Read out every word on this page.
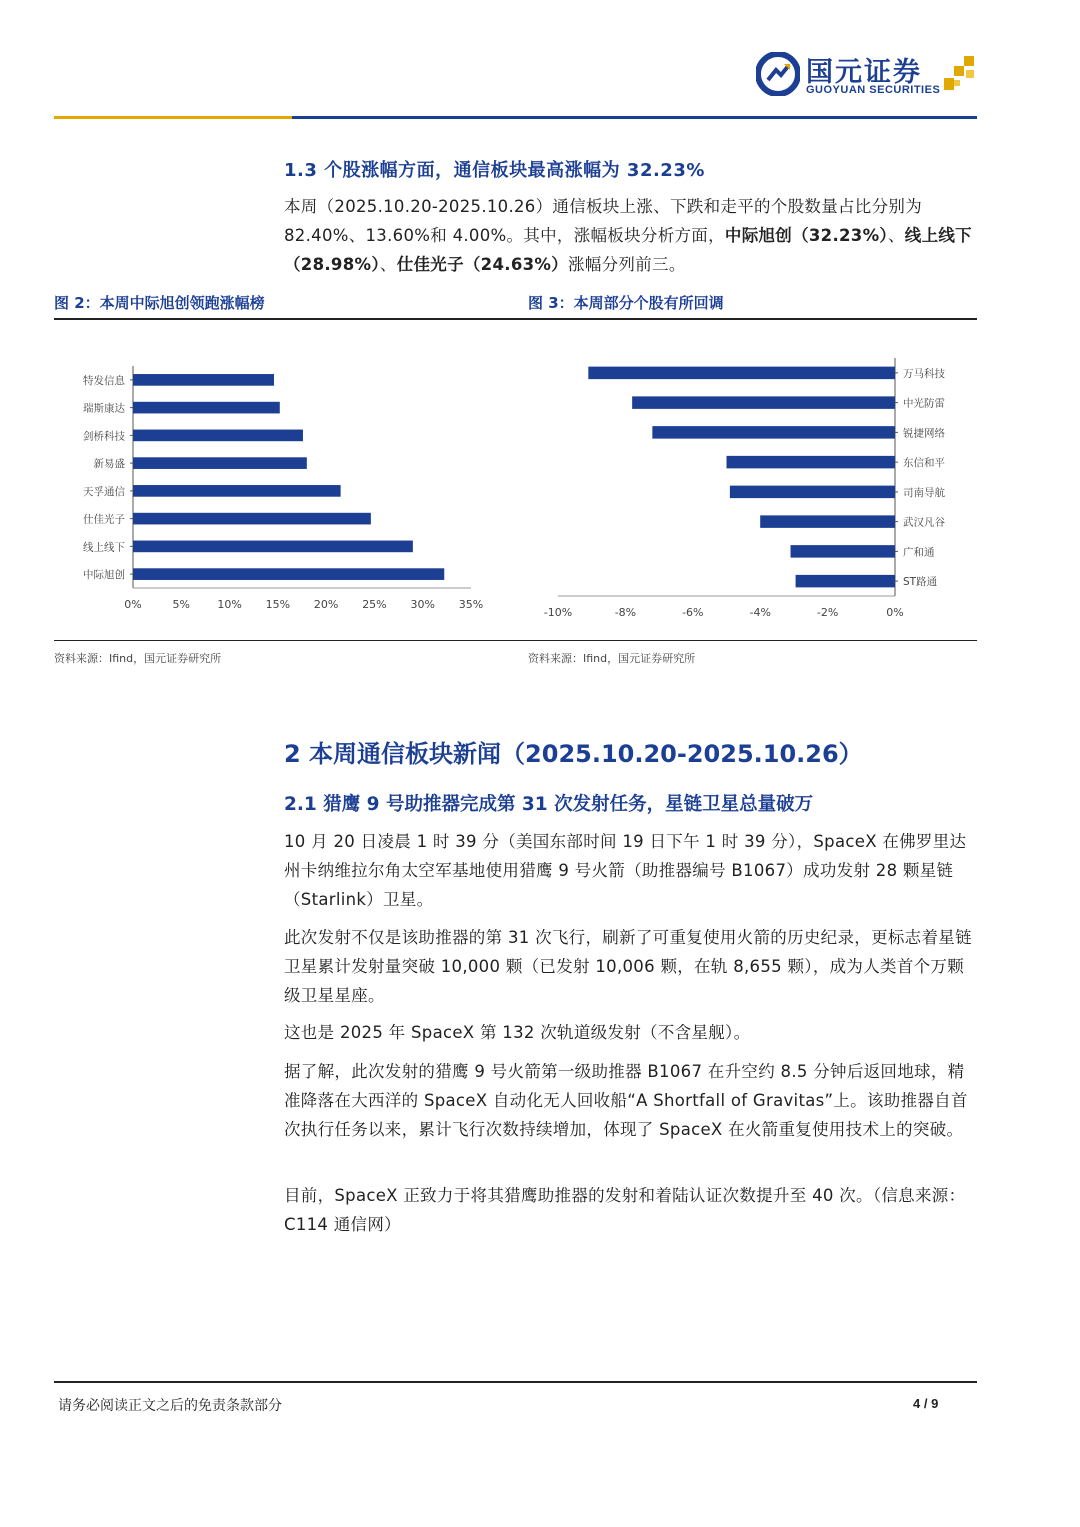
国元证券
GUOYUAN SECURITIES
1.3 个股涨幅方面，通信板块最高涨幅为 32.23%

本周（2025.10.20-2025.10.26）通信板块上涨、下跌和走平的个股数量占比分别为 82.40%、13.60%和 4.00%。其中，涨幅板块分析方面，中际旭创（32.23%）、线上线下（28.98%）、仕佳光子（24.63%）涨幅分列前三。

图 2：本周中际旭创领跑涨幅榜	图 3：本周部分个股有所回调
特发信息
瑞斯康达
剑桥科技
新易盛
天孚通信
仕佳光子
线上线下
中际旭创
0%	5% 10% 15% 20% 25% 30% 35%
万马科技
中光防雷
锐捷网络
东信和平
司南导航
武汉凡谷
广和通
ST路通
-10%	-8%	-6%	-4%	-2%	0%
资料来源：Ifind，国元证券研究所	资料来源：Ifind，国元证券研究所
2 本周通信板块新闻（2025.10.20-2025.10.26）
2.1 猎鹰 9 号助推器完成第 31 次发射任务，星链卫星总量破万
10 月 20 日凌晨 1 时 39 分（美国东部时间 19 日下午 1 时 39 分），SpaceX 在佛罗里达州卡纳维拉尔角太空军基地使用猎鹰 9 号火箭（助推器编号 B1067）成功发射 28 颗星链（Starlink）卫星。
此次发射不仅是该助推器的第 31 次飞行，刷新了可重复使用火箭的历史纪录，更标志着星链卫星累计发射量突破 10,000 颗（已发射 10,006 颗，在轨 8,655 颗），成为人类首个万颗级卫星星座。
这也是 2025 年 SpaceX 第 132 次轨道级发射（不含星舰）。
据了解，此次发射的猎鹰 9 号火箭第一级助推器 B1067 在升空约 8.5 分钟后返回地球，精准降落在大西洋的 SpaceX 自动化无人回收船“A Shortfall of Gravitas”上。该助推器自首次执行任务以来，累计飞行次数持续增加，体现了 SpaceX 在火箭重复使用技术上的突破。
目前，SpaceX 正致力于将其猎鹰助推器的发射和着陆认证次数提升至 40 次。（信息来源：C114 通信网）
请务必阅读正文之后的免责条款部分	4 / 9
